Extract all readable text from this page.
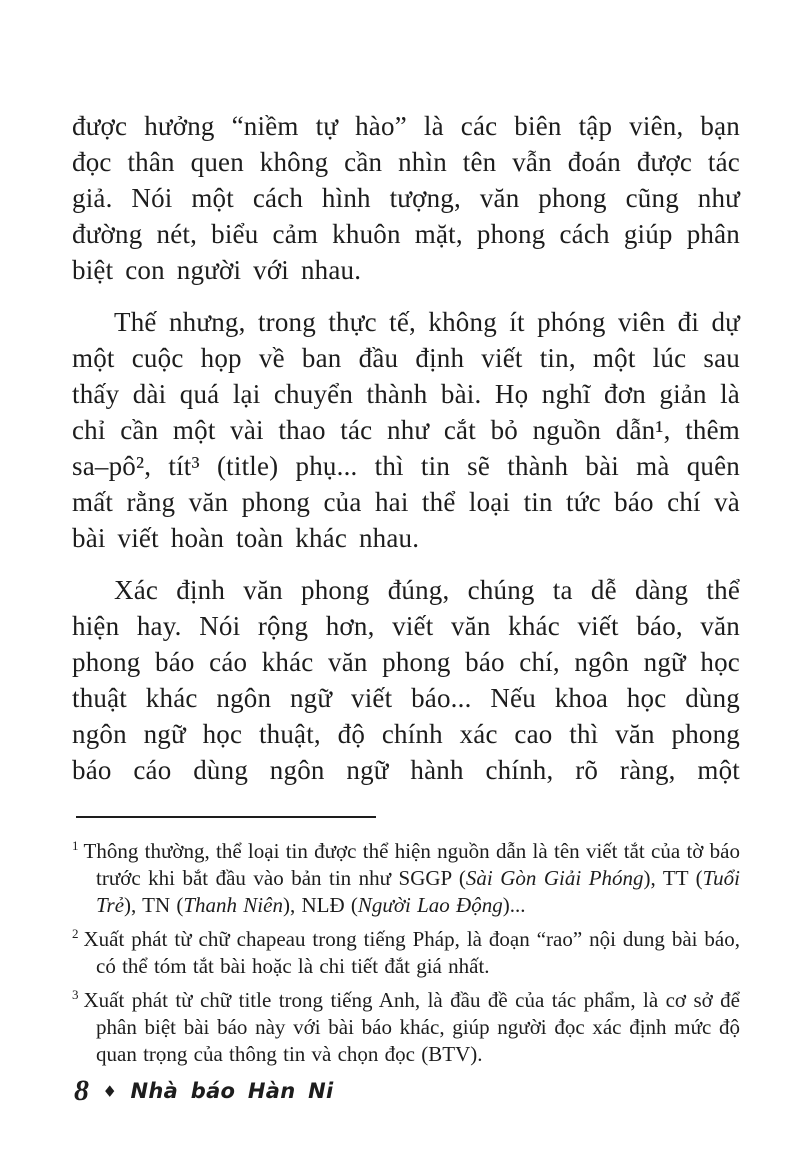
được hưởng “niềm tự hào” là các biên tập viên, bạn đọc thân quen không cần nhìn tên vẫn đoán được tác giả. Nói một cách hình tượng, văn phong cũng như đường nét, biểu cảm khuôn mặt, phong cách giúp phân biệt con người với nhau.

Thế nhưng, trong thực tế, không ít phóng viên đi dự một cuộc họp về ban đầu định viết tin, một lúc sau thấy dài quá lại chuyển thành bài. Họ nghĩ đơn giản là chỉ cần một vài thao tác như cắt bỏ nguồn dẫn¹, thêm sa–pô², tít³ (title) phụ... thì tin sẽ thành bài mà quên mất rằng văn phong của hai thể loại tin tức báo chí và bài viết hoàn toàn khác nhau.

Xác định văn phong đúng, chúng ta dễ dàng thể hiện hay. Nói rộng hơn, viết văn khác viết báo, văn phong báo cáo khác văn phong báo chí, ngôn ngữ học thuật khác ngôn ngữ viết báo... Nếu khoa học dùng ngôn ngữ học thuật, độ chính xác cao thì văn phong báo cáo dùng ngôn ngữ hành chính, rõ ràng, một

$^1$ Thông thường, thể loại tin được thể hiện nguồn dẫn là tên viết tắt của tờ báo trước khi bắt đầu vào bản tin như SGGP (Sài Gòn Giải Phóng), TT (Tuổi Trẻ), TN (Thanh Niên), NLĐ (Người Lao Động)...
$^2$ Xuất phát từ chữ chapeau trong tiếng Pháp, là đoạn “rao” nội dung bài báo, có thể tóm tắt bài hoặc là chi tiết đắt giá nhất.
$^3$ Xuất phát từ chữ title trong tiếng Anh, là đầu đề của tác phẩm, là cơ sở để phân biệt bài báo này với bài báo khác, giúp người đọc xác định mức độ quan trọng của thông tin và chọn đọc (BTV).
8 ◆ Nhà báo Hàn Ni
